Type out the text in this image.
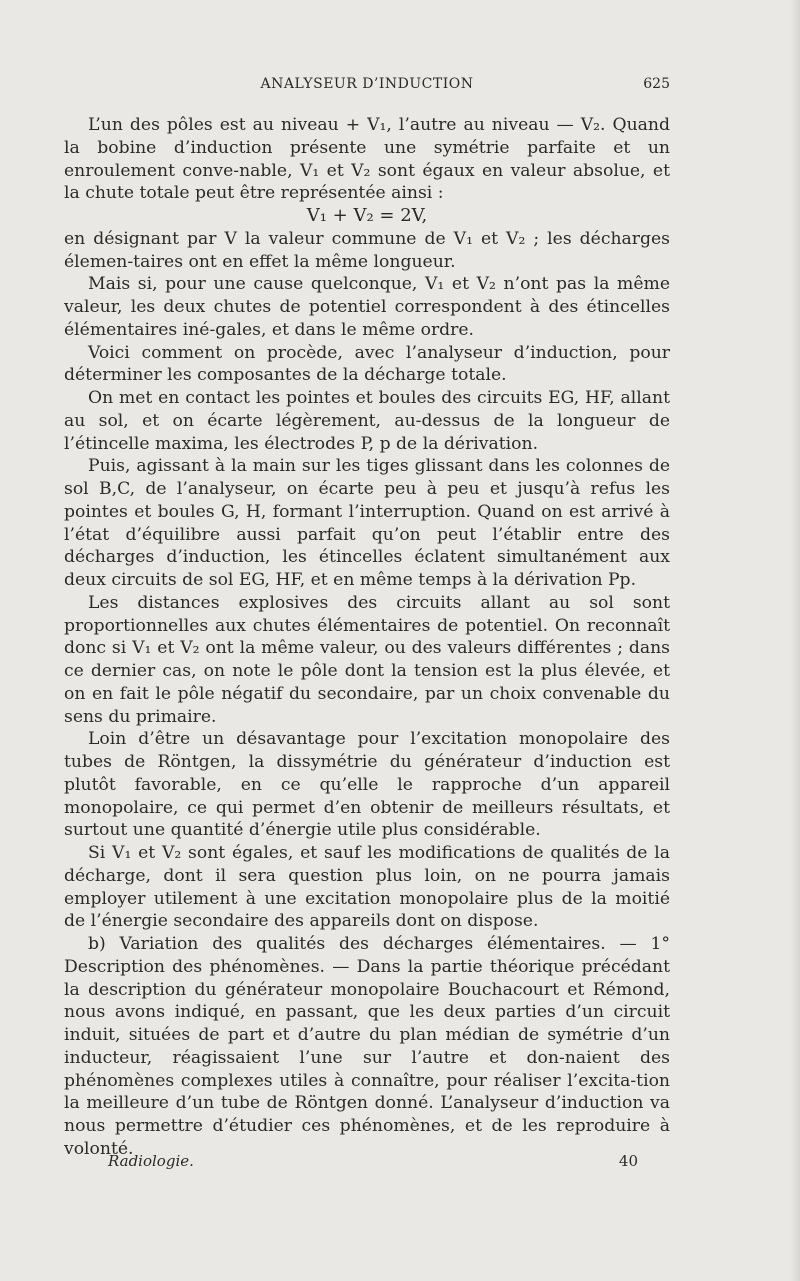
ANALYSEUR D’INDUCTION	625

L’un des pôles est au niveau + V₁, l’autre au niveau — V₂. Quand la bobine d’induction présente une symétrie parfaite et un enroulement conve-nable, V₁ et V₂ sont égaux en valeur absolue, et la chute totale peut être représentée ainsi :

V₁ + V₂ = 2V,

en désignant par V la valeur commune de V₁ et V₂ ; les décharges élemen-taires ont en effet la même longueur.

Mais si, pour une cause quelconque, V₁ et V₂ n’ont pas la même valeur, les deux chutes de potentiel correspondent à des étincelles élémentaires iné-gales, et dans le même ordre.

Voici comment on procède, avec l’analyseur d’induction, pour déterminer les composantes de la décharge totale.

On met en contact les pointes et boules des circuits EG, HF, allant au sol, et on écarte légèrement, au-dessus de la longueur de l’étincelle maxima, les électrodes P, p de la dérivation.

Puis, agissant à la main sur les tiges glissant dans les colonnes de sol B,C, de l’analyseur, on écarte peu à peu et jusqu’à refus les pointes et boules G, H, formant l’interruption. Quand on est arrivé à l’état d’équilibre aussi parfait qu’on peut l’établir entre des décharges d’induction, les étincelles éclatent simultanément aux deux circuits de sol EG, HF, et en même temps à la dérivation Pp.

Les distances explosives des circuits allant au sol sont proportionnelles aux chutes élémentaires de potentiel. On reconnaît donc si V₁ et V₂ ont la même valeur, ou des valeurs différentes ; dans ce dernier cas, on note le pôle dont la tension est la plus élevée, et on en fait le pôle négatif du secondaire, par un choix convenable du sens du primaire.

Loin d’être un désavantage pour l’excitation monopolaire des tubes de Röntgen, la dissymétrie du générateur d’induction est plutôt favorable, en ce qu’elle le rapproche d’un appareil monopolaire, ce qui permet d’en obtenir de meilleurs résultats, et surtout une quantité d’énergie utile plus considérable.

Si V₁ et V₂ sont égales, et sauf les modifications de qualités de la décharge, dont il sera question plus loin, on ne pourra jamais employer utilement à une excitation monopolaire plus de la moitié de l’énergie secondaire des appareils dont on dispose.

b) Variation des qualités des décharges élémentaires. — 1° Description des phénomènes. — Dans la partie théorique précédant la description du générateur monopolaire Bouchacourt et Rémond, nous avons indiqué, en passant, que les deux parties d’un circuit induit, situées de part et d’autre du plan médian de symétrie d’un inducteur, réagissaient l’une sur l’autre et don-naient des phénomènes complexes utiles à connaître, pour réaliser l’excita-tion la meilleure d’un tube de Röntgen donné. L’analyseur d’induction va nous permettre d’étudier ces phénomènes, et de les reproduire à volonté.

Radiologie.	40
